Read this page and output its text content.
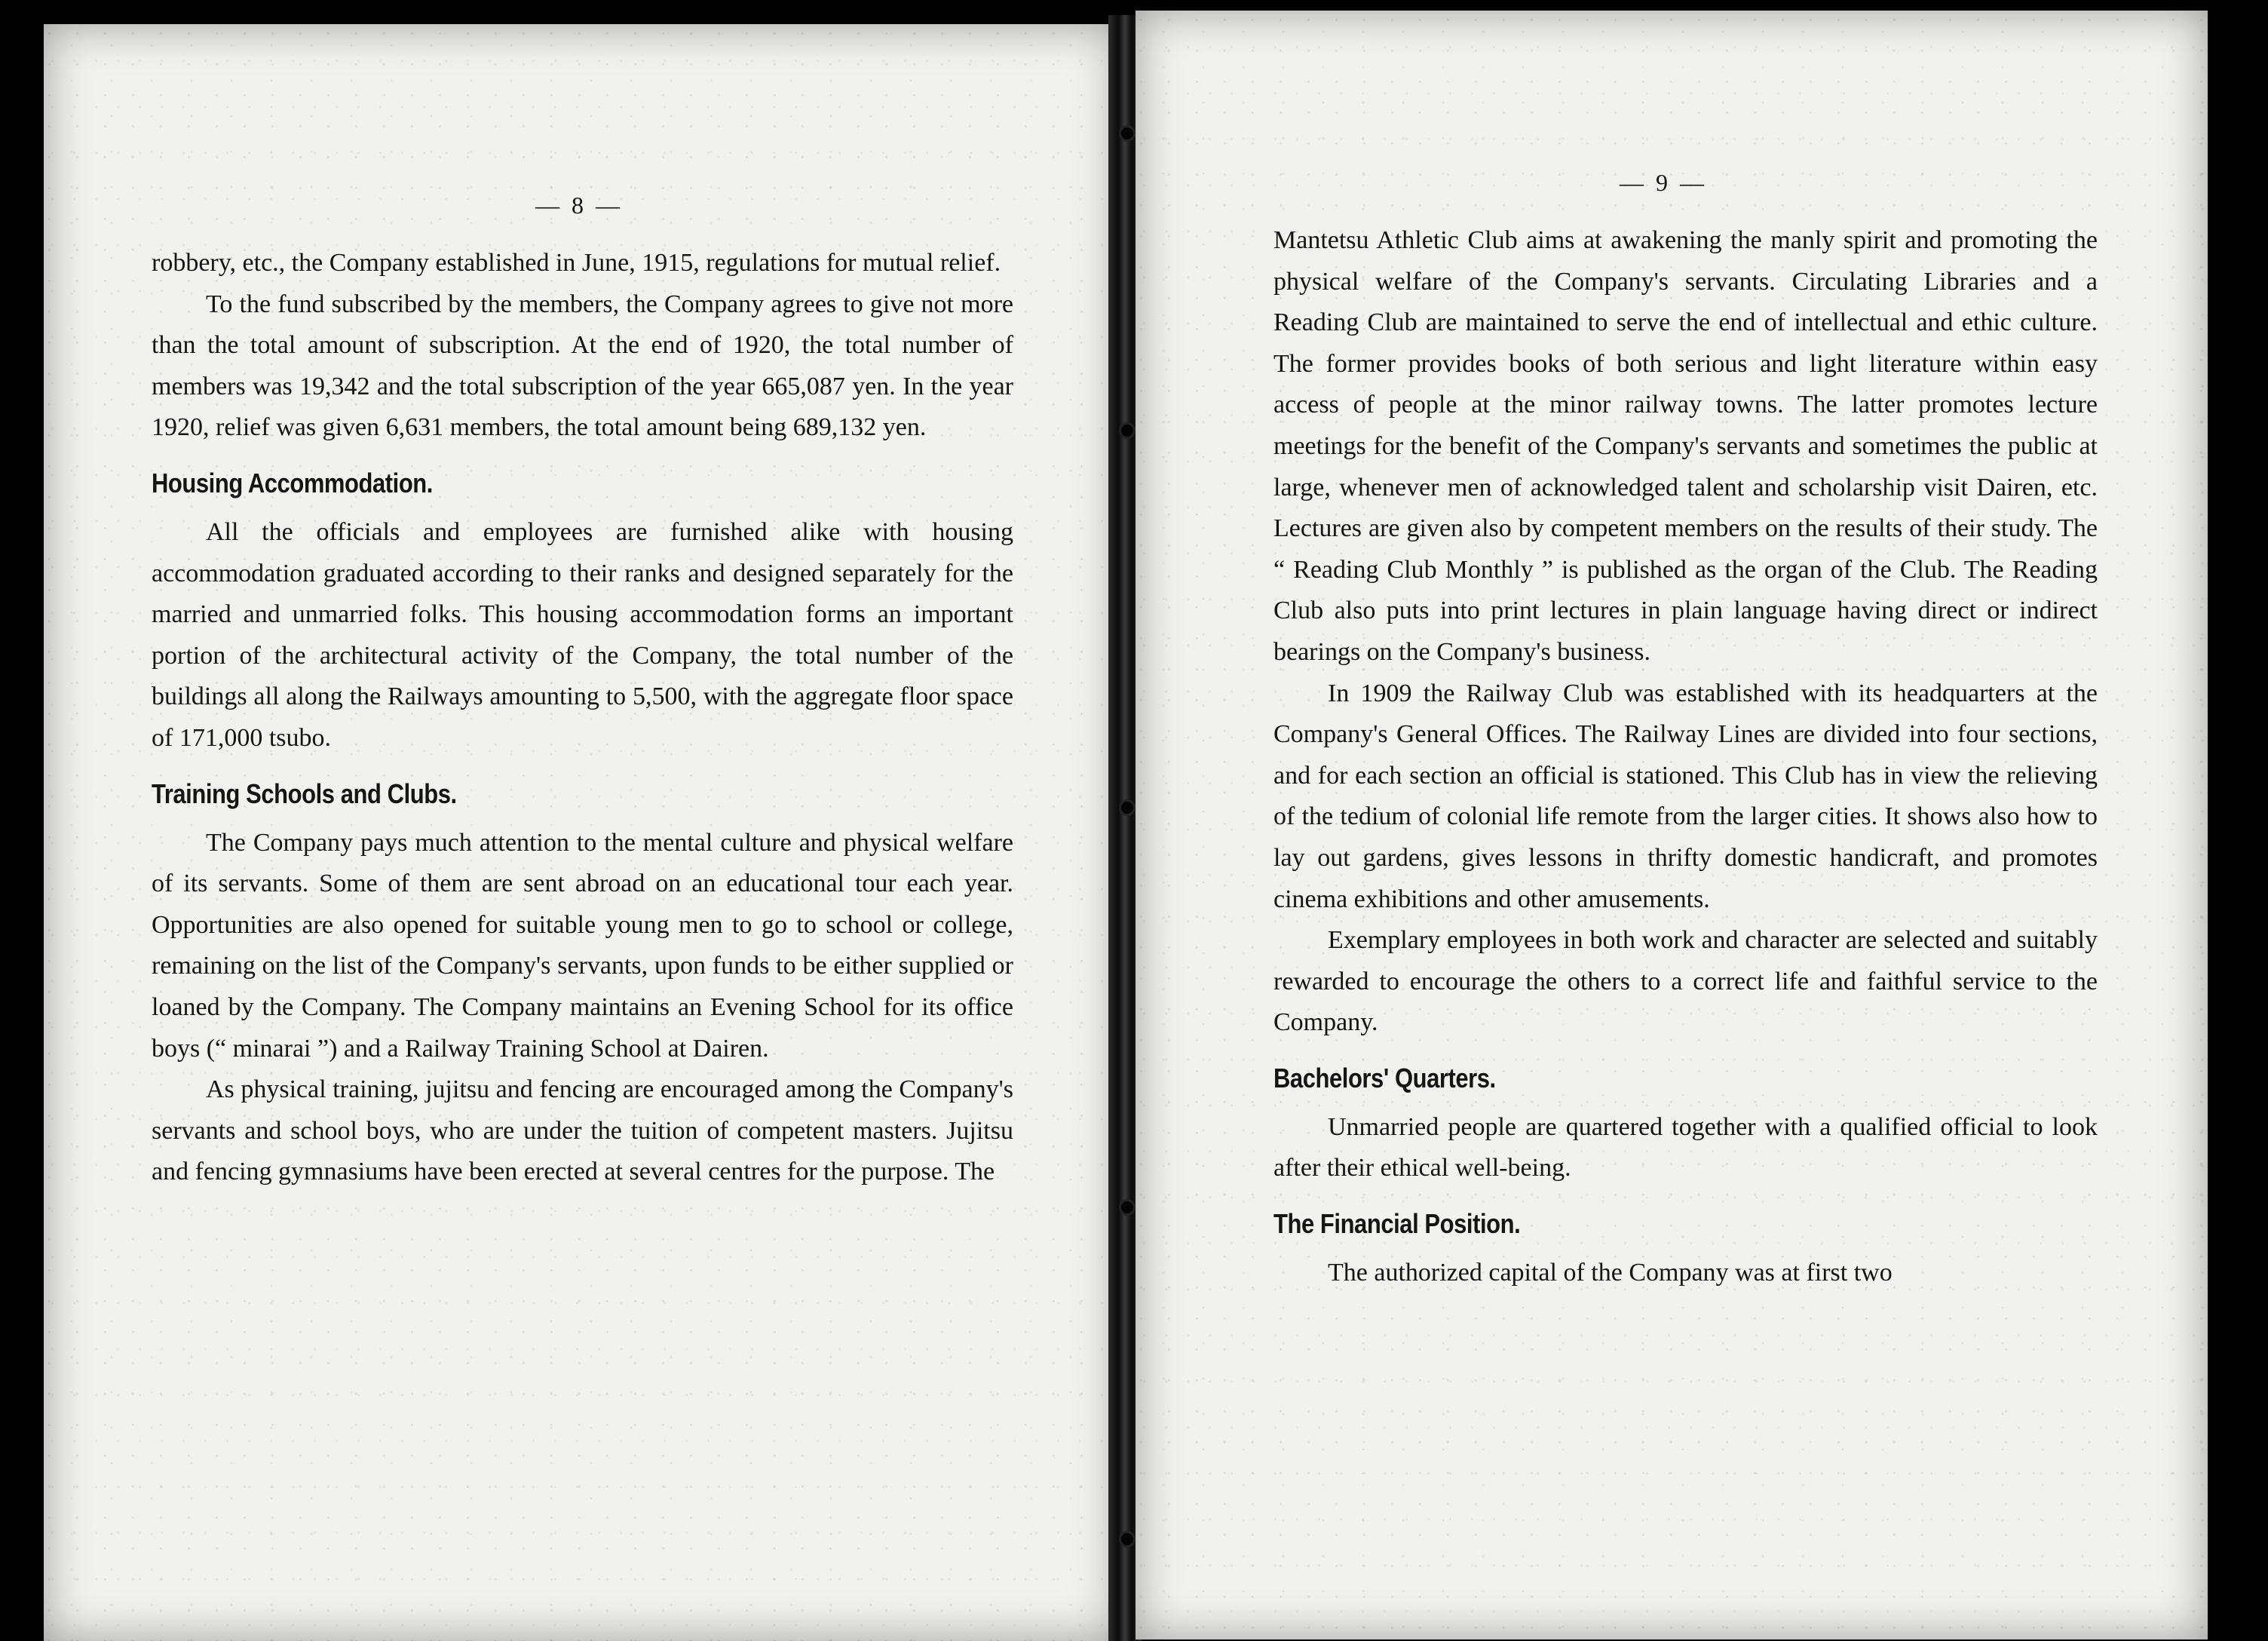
— 8 —

robbery, etc., the Company established in June, 1915, regulations for mutual relief.

To the fund subscribed by the members, the Company agrees to give not more than the total amount of subscription. At the end of 1920, the total number of members was 19,342 and the total subscription of the year 665,087 yen. In the year 1920, relief was given 6,631 members, the total amount being 689,132 yen.

Housing Accommodation.

All the officials and employees are furnished alike with housing accommodation graduated according to their ranks and designed separately for the married and unmarried folks. This housing accommodation forms an important portion of the architectural activity of the Company, the total number of the buildings all along the Railways amounting to 5,500, with the aggregate floor space of 171,000 tsubo.

Training Schools and Clubs.

The Company pays much attention to the mental culture and physical welfare of its servants. Some of them are sent abroad on an educational tour each year. Opportunities are also opened for suitable young men to go to school or college, remaining on the list of the Company's servants, upon funds to be either supplied or loaned by the Company. The Company maintains an Evening School for its office boys (“ minarai ”) and a Railway Training School at Dairen.

As physical training, jujitsu and fencing are encouraged among the Company's servants and school boys, who are under the tuition of competent masters. Jujitsu and fencing gymnasiums have been erected at several centres for the purpose. The

— 9 —

Mantetsu Athletic Club aims at awakening the manly spirit and promoting the physical welfare of the Company's servants. Circulating Libraries and a Reading Club are maintained to serve the end of intellectual and ethic culture. The former provides books of both serious and light literature within easy access of people at the minor railway towns. The latter promotes lecture meetings for the benefit of the Company's servants and sometimes the public at large, whenever men of acknowledged talent and scholarship visit Dairen, etc. Lectures are given also by competent members on the results of their study. The “ Reading Club Monthly ” is published as the organ of the Club. The Reading Club also puts into print lectures in plain language having direct or indirect bearings on the Company's business.

In 1909 the Railway Club was established with its headquarters at the Company's General Offices. The Railway Lines are divided into four sections, and for each section an official is stationed. This Club has in view the relieving of the tedium of colonial life remote from the larger cities. It shows also how to lay out gardens, gives lessons in thrifty domestic handicraft, and promotes cinema exhibitions and other amusements.

Exemplary employees in both work and character are selected and suitably rewarded to encourage the others to a correct life and faithful service to the Company.

Bachelors' Quarters.

Unmarried people are quartered together with a qualified official to look after their ethical well-being.

The Financial Position.

The authorized capital of the Company was at first two
